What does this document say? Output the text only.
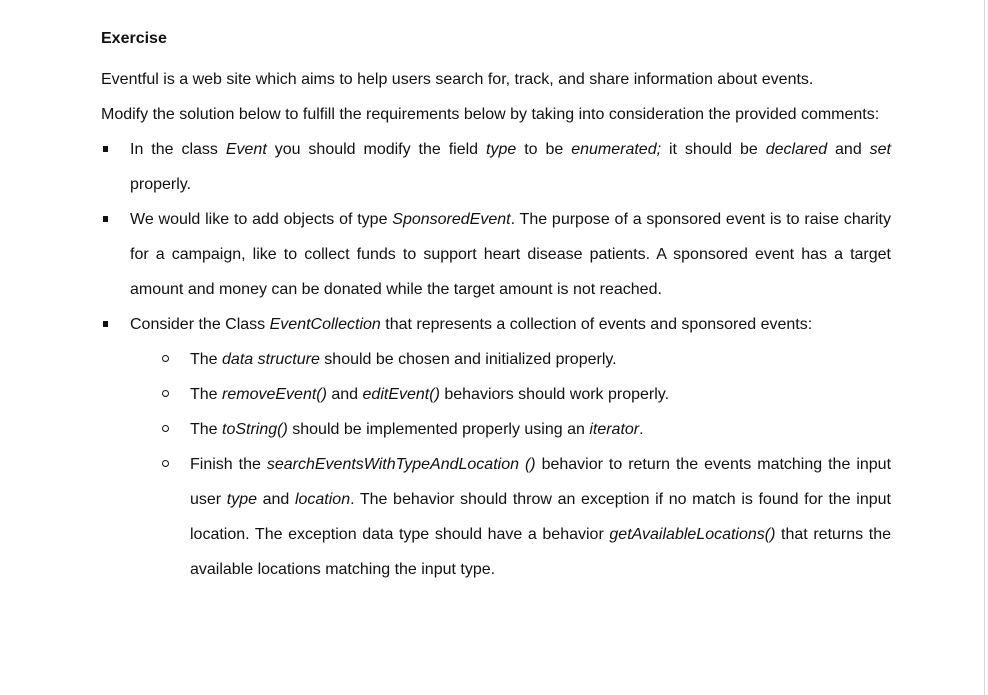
Exercise

Eventful is a web site which aims to help users search for, track, and share information about events.

Modify the solution below to fulfill the requirements below by taking into consideration the provided comments:

In the class Event you should modify the field type to be enumerated; it should be declared and set properly.
We would like to add objects of type SponsoredEvent. The purpose of a sponsored event is to raise charity for a campaign, like to collect funds to support heart disease patients. A sponsored event has a target amount and money can be donated while the target amount is not reached.
Consider the Class EventCollection that represents a collection of events and sponsored events:
The data structure should be chosen and initialized properly.
The removeEvent() and editEvent() behaviors should work properly.
The toString() should be implemented properly using an iterator.
Finish the searchEventsWithTypeAndLocation () behavior to return the events matching the input user type and location. The behavior should throw an exception if no match is found for the input location. The exception data type should have a behavior getAvailableLocations() that returns the available locations matching the input type.
